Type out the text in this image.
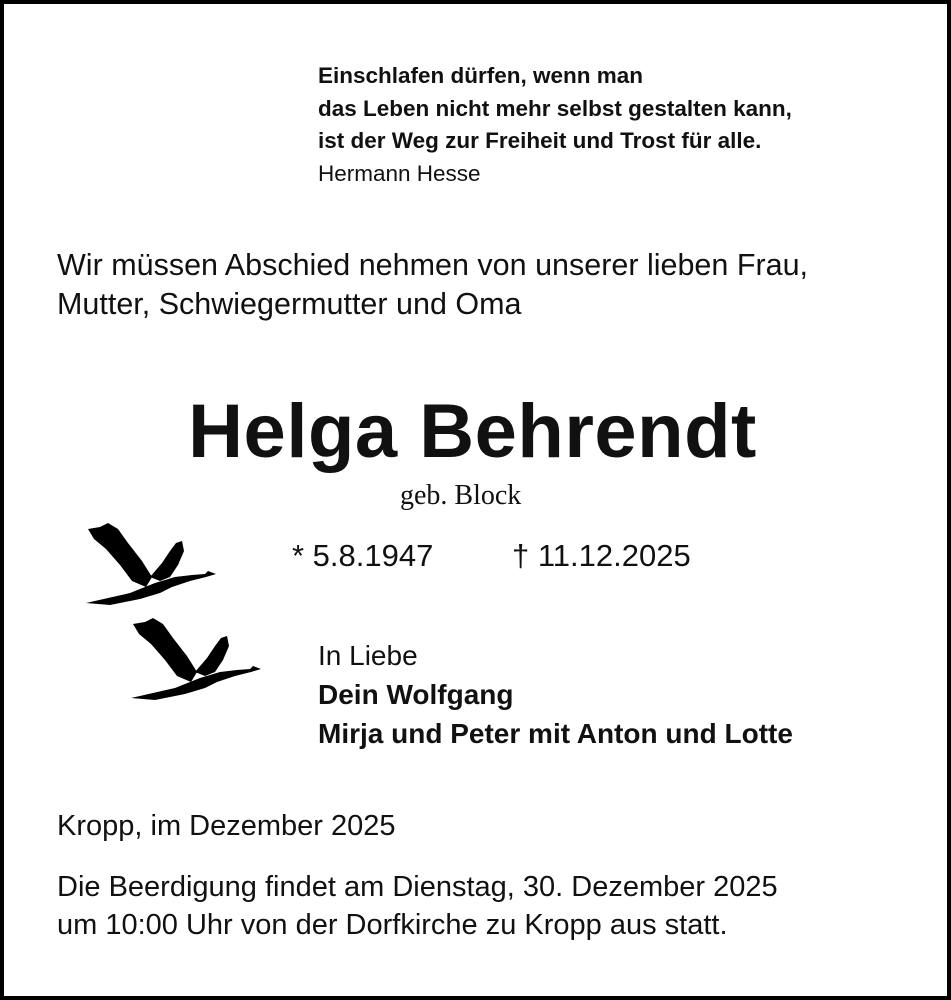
Einschlafen dürfen, wenn man
das Leben nicht mehr selbst gestalten kann,
ist der Weg zur Freiheit und Trost für alle.
Hermann Hesse
Wir müssen Abschied nehmen von unserer lieben Frau,
Mutter, Schwiegermutter und Oma
Helga Behrendt
geb. Block
* 5.8.1947	† 11.12.2025
In Liebe
Dein Wolfgang
Mirja und Peter mit Anton und Lotte
Kropp, im Dezember 2025
Die Beerdigung findet am Dienstag, 30. Dezember 2025
um 10:00 Uhr von der Dorfkirche zu Kropp aus statt.
